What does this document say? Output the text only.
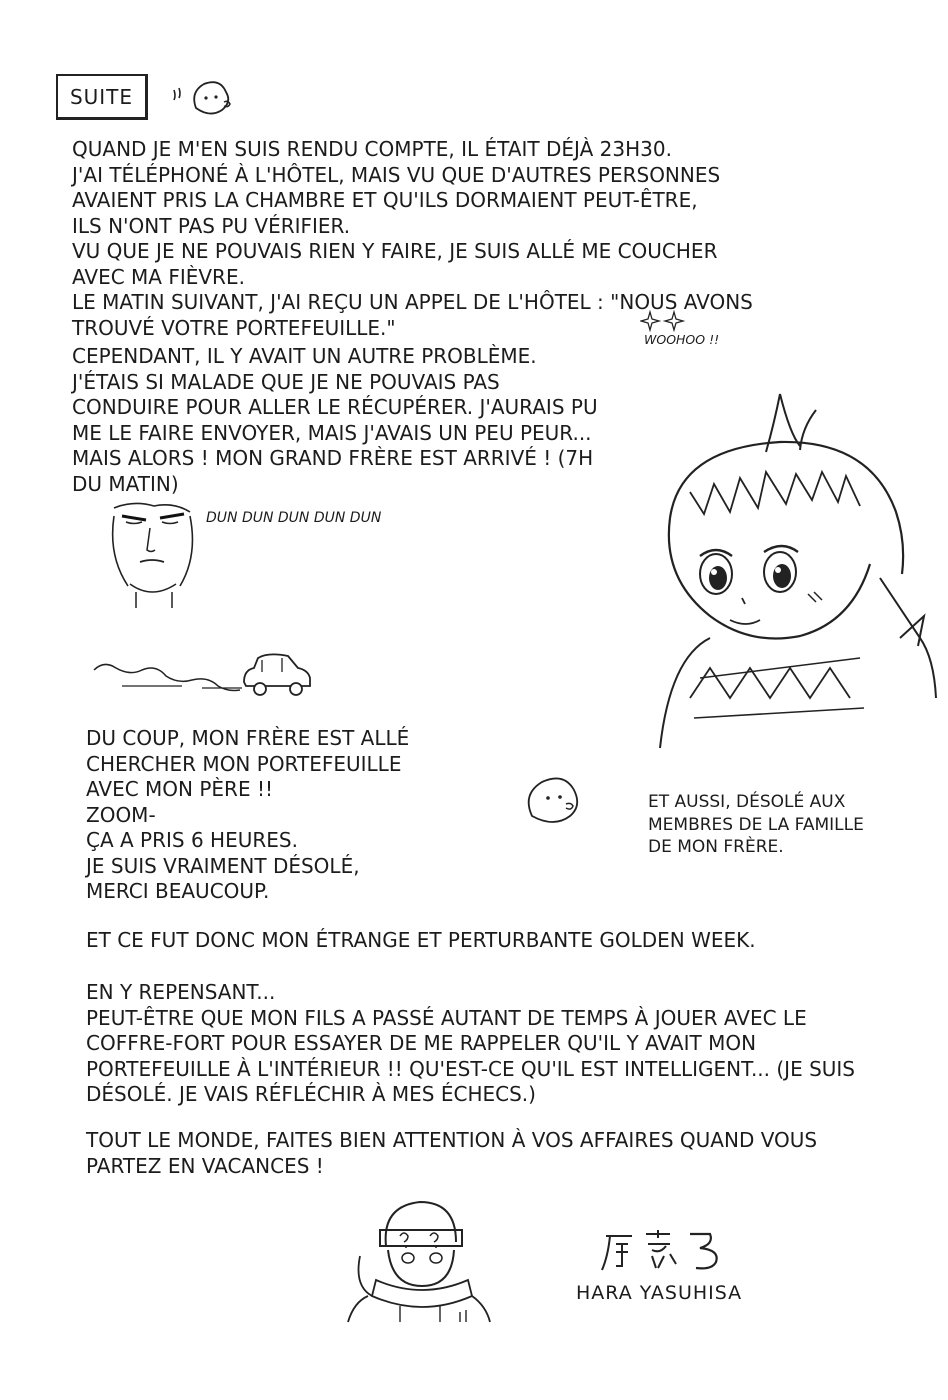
SUITE
QUAND JE M'EN SUIS RENDU COMPTE, IL ÉTAIT DÉJÀ 23H30.
J'AI TÉLÉPHONÉ À L'HÔTEL, MAIS VU QUE D'AUTRES PERSONNES
AVAIENT PRIS LA CHAMBRE ET QU'ILS DORMAIENT PEUT-ÊTRE,
ILS N'ONT PAS PU VÉRIFIER.
VU QUE JE NE POUVAIS RIEN Y FAIRE, JE SUIS ALLÉ ME COUCHER
AVEC MA FIÈVRE.
LE MATIN SUIVANT, J'AI REÇU UN APPEL DE L'HÔTEL : "NOUS AVONS
TROUVÉ VOTRE PORTEFEUILLE."	WOOHOO !!
CEPENDANT, IL Y AVAIT UN AUTRE PROBLÈME.
J'ÉTAIS SI MALADE QUE JE NE POUVAIS PAS
CONDUIRE POUR ALLER LE RÉCUPÉRER. J'AURAIS PU
ME LE FAIRE ENVOYER, MAIS J'AVAIS UN PEU PEUR...
MAIS ALORS ! MON GRAND FRÈRE EST ARRIVÉ ! (7H
DU MATIN)
DUN DUN DUN DUN DUN
DU COUP, MON FRÈRE EST ALLÉ
CHERCHER MON PORTEFEUILLE
AVEC MON PÈRE !!
ZOOM-
ÇA A PRIS 6 HEURES.
JE SUIS VRAIMENT DÉSOLÉ,
MERCI BEAUCOUP.
ET AUSSI, DÉSOLÉ AUX
MEMBRES DE LA FAMILLE
DE MON FRÈRE.
ET CE FUT DONC MON ÉTRANGE ET PERTURBANTE GOLDEN WEEK.
EN Y REPENSANT...
PEUT-ÊTRE QUE MON FILS A PASSÉ AUTANT DE TEMPS À JOUER AVEC LE
COFFRE-FORT POUR ESSAYER DE ME RAPPELER QU'IL Y AVAIT MON
PORTEFEUILLE À L'INTÉRIEUR !! QU'EST-CE QU'IL EST INTELLIGENT... (JE SUIS
DÉSOLÉ. JE VAIS RÉFLÉCHIR À MES ÉCHECS.)
TOUT LE MONDE, FAITES BIEN ATTENTION À VOS AFFAIRES QUAND VOUS
PARTEZ EN VACANCES !
HARA YASUHISA
